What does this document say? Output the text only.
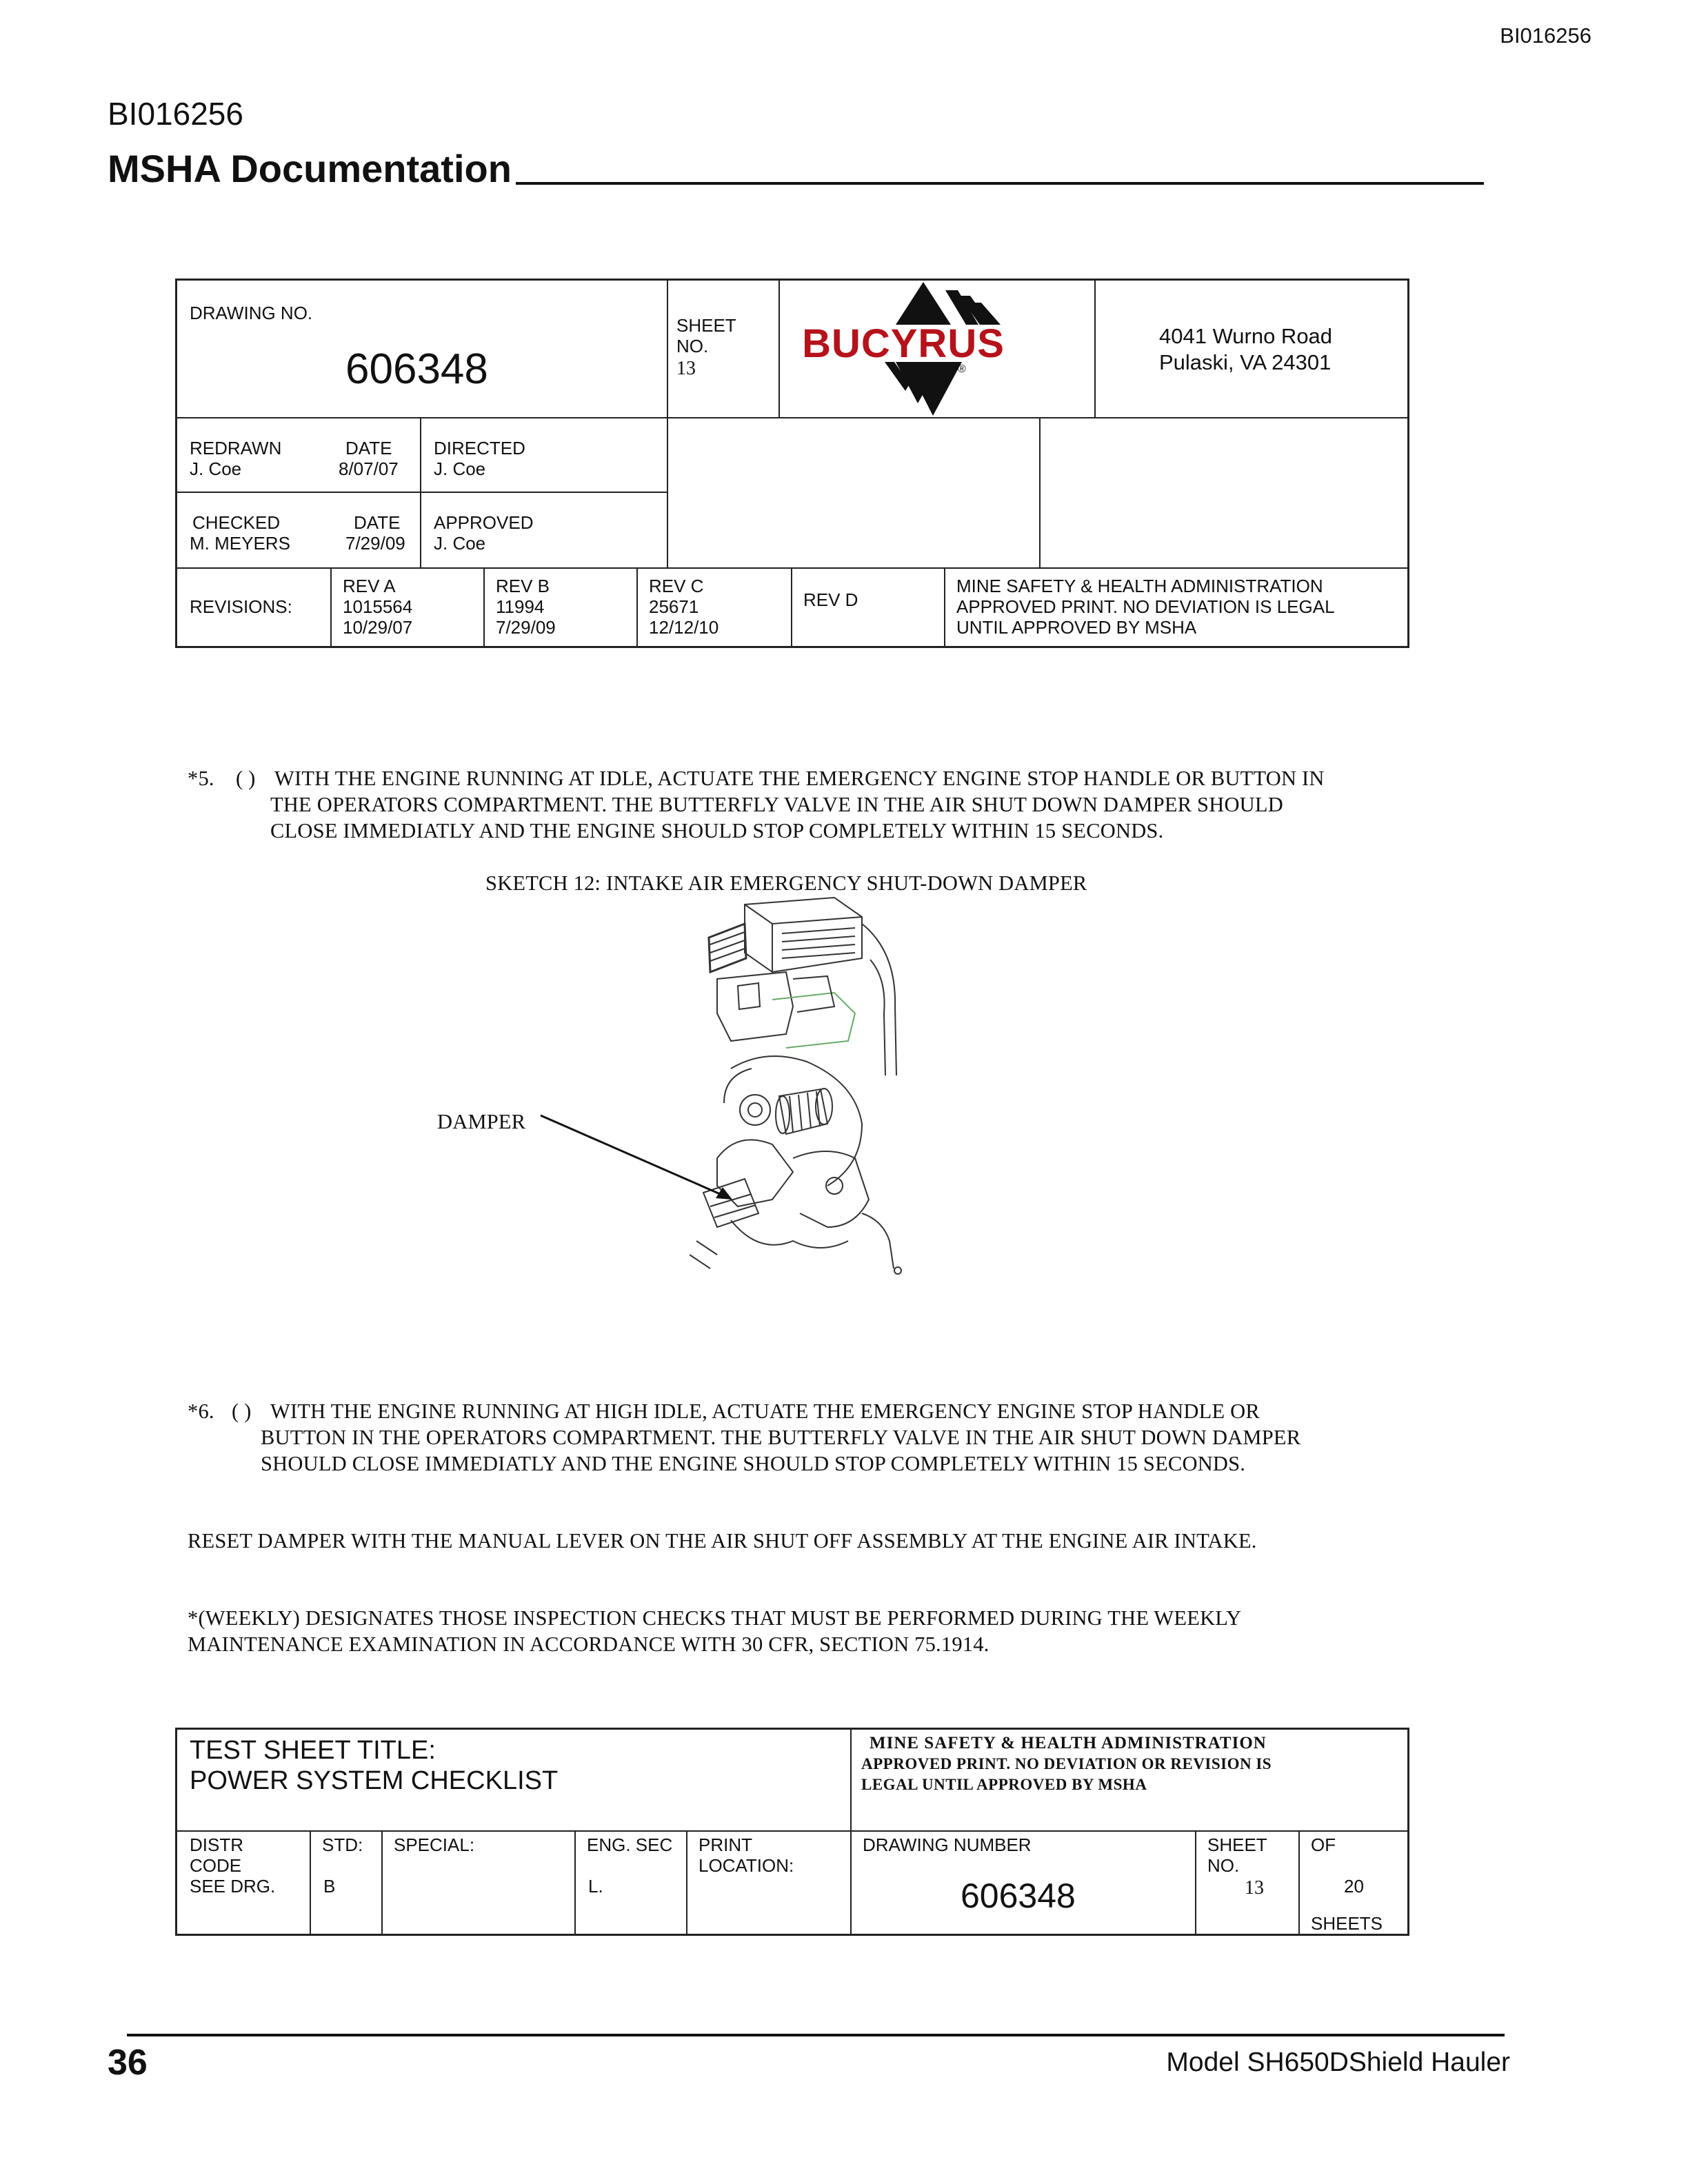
BI016256
BI016256
MSHA Documentation
DRAWING NO.
606348
SHEET
NO.
13
BUCYRUS
®
4041 Wurno Road
Pulaski, VA 24301
REDRAWN
J. Coe
DATE
8/07/07
DIRECTED
J. Coe
CHECKED
M. MEYERS
DATE
7/29/09
APPROVED
J. Coe
REVISIONS:
REV A
1015564
10/29/07
REV B
11994
7/29/09
REV C
25671
12/12/10
REV D
MINE SAFETY & HEALTH ADMINISTRATION
APPROVED PRINT. NO DEVIATION IS LEGAL
UNTIL APPROVED BY MSHA
*5. ( ) WITH THE ENGINE RUNNING AT IDLE, ACTUATE THE EMERGENCY ENGINE STOP HANDLE OR BUTTON IN
THE OPERATORS COMPARTMENT. THE BUTTERFLY VALVE IN THE AIR SHUT DOWN DAMPER SHOULD
CLOSE IMMEDIATLY AND THE ENGINE SHOULD STOP COMPLETELY WITHIN 15 SECONDS.
SKETCH 12: INTAKE AIR EMERGENCY SHUT-DOWN DAMPER
DAMPER
*6. ( ) WITH THE ENGINE RUNNING AT HIGH IDLE, ACTUATE THE EMERGENCY ENGINE STOP HANDLE OR
BUTTON IN THE OPERATORS COMPARTMENT. THE BUTTERFLY VALVE IN THE AIR SHUT DOWN DAMPER
SHOULD CLOSE IMMEDIATLY AND THE ENGINE SHOULD STOP COMPLETELY WITHIN 15 SECONDS.
RESET DAMPER WITH THE MANUAL LEVER ON THE AIR SHUT OFF ASSEMBLY AT THE ENGINE AIR INTAKE.
*(WEEKLY) DESIGNATES THOSE INSPECTION CHECKS THAT MUST BE PERFORMED DURING THE WEEKLY
MAINTENANCE EXAMINATION IN ACCORDANCE WITH 30 CFR, SECTION 75.1914.
TEST SHEET TITLE:
POWER SYSTEM CHECKLIST
MINE SAFETY & HEALTH ADMINISTRATION
APPROVED PRINT. NO DEVIATION OR REVISION IS
LEGAL UNTIL APPROVED BY MSHA
DISTR
CODE
SEE DRG.
STD:
B
SPECIAL:	ENG. SEC
L.
PRINT
LOCATION:
DRAWING NUMBER
606348
SHEET
NO.
13
OF
20
SHEETS
36	Model SH650DShield Hauler
